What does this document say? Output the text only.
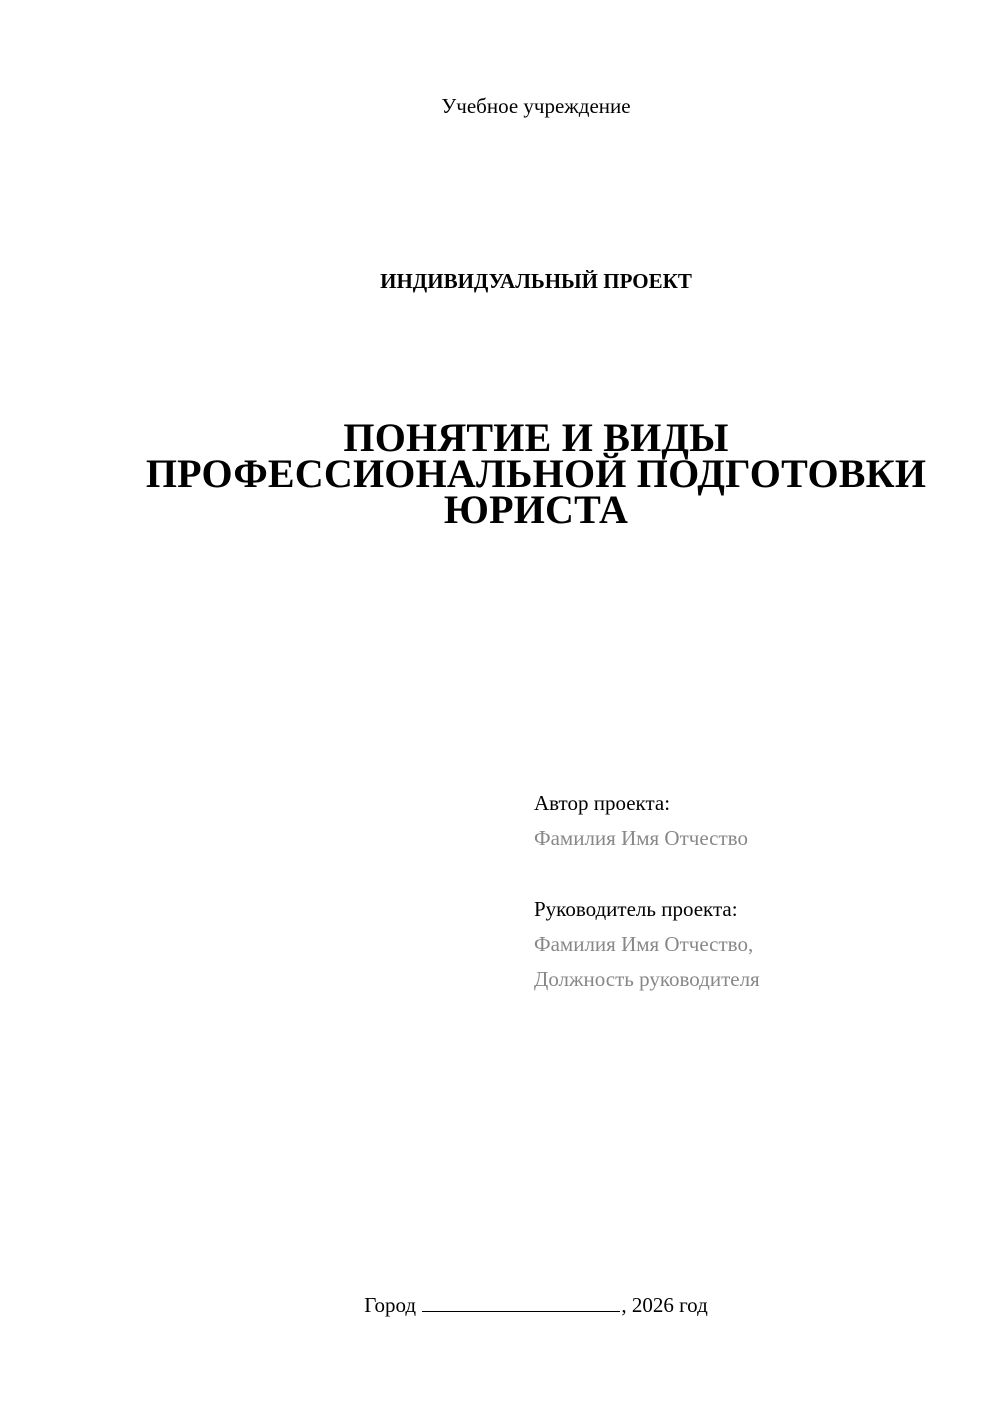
Учебное учреждение
ИНДИВИДУАЛЬНЫЙ ПРОЕКТ
ПОНЯТИЕ И ВИДЫ
ПРОФЕССИОНАЛЬНОЙ ПОДГОТОВКИ
ЮРИСТА
Автор проекта:
Фамилия Имя Отчество
Руководитель проекта:
Фамилия Имя Отчество,
Должность руководителя
Город	, 2026 год
